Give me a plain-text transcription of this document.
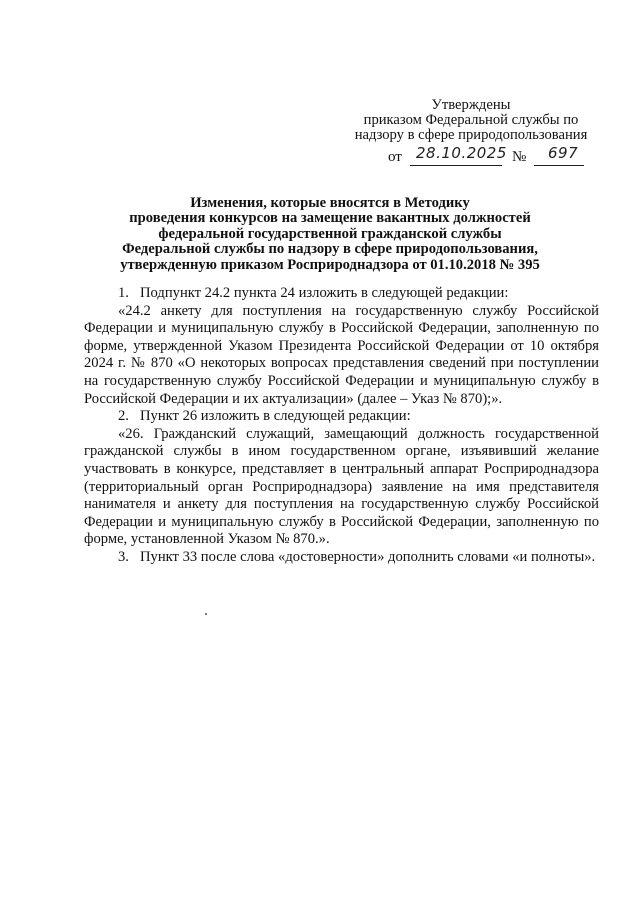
Утверждены
приказом Федеральной службы по
надзору в сфере природопользования
от 28.10.2025 № 697
Изменения, которые вносятся в Методику
проведения конкурсов на замещение вакантных должностей
федеральной государственной гражданской службы
Федеральной службы по надзору в сфере природопользования,
утвержденную приказом Росприроднадзора от 01.10.2018 № 395
1. Подпункт 24.2 пункта 24 изложить в следующей редакции:
«24.2 анкету для поступления на государственную службу Российской Федерации и муниципальную службу в Российской Федерации, заполненную по форме, утвержденной Указом Президента Российской Федерации от 10 октября 2024 г. № 870 «О некоторых вопросах представления сведений при поступлении на государственную службу Российской Федерации и муниципальную службу в Российской Федерации и их актуализации» (далее – Указ № 870);».
2. Пункт 26 изложить в следующей редакции:
«26. Гражданский служащий, замещающий должность государственной гражданской службы в ином государственном органе, изъявивший желание участвовать в конкурсе, представляет в центральный аппарат Росприроднадзора (территориальный орган Росприроднадзора) заявление на имя представителя нанимателя и анкету для поступления на государственную службу Российской Федерации и муниципальную службу в Российской Федерации, заполненную по форме, установленной Указом № 870.».
3. Пункт 33 после слова «достоверности» дополнить словами «и полноты».
